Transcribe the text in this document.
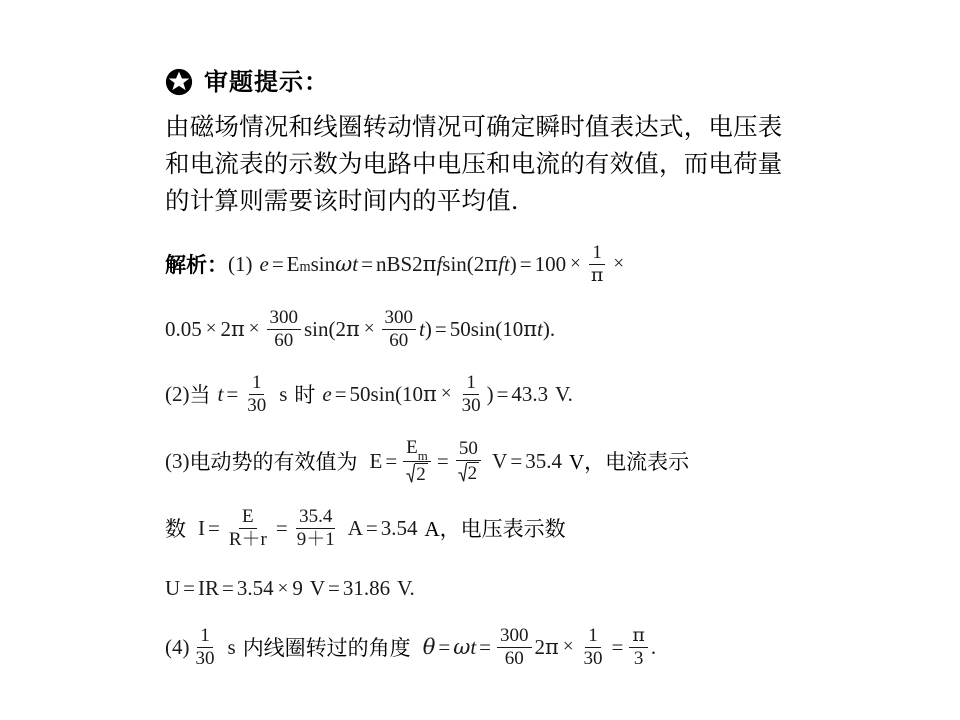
审题提示：
由磁场情况和线圈转动情况可确定瞬时值表达式，电压表
和电流表的示数为电路中电压和电流的有效值，而电荷量
的计算则需要该时间内的平均值.
解析： (1) e = E m sin ω t = nBS2 π f sin (2 π f t ) = $100 \times \frac{1}{\pi}$ ×
0.05 × 2 $\pi \times \frac{300}{60} \sin(2$ $\pi \times \frac{300}{60}$ t ) = 50sin(10 π t ).
(2) 当 $t = \frac{1}{30}$ s 时 e = 50sin(10 $\pi \times \frac{1}{30}$ ) = 43.3 V.
(3) 电动势的有效值为 $E = \frac{E_m}{2} = \frac{50}{2}$ V = 35.4 V， 电流表示
数 $I = \frac{E}{R+r} = \frac{35.4}{9+1}$ A = 3.54 A， 电压表示数
U = IR = 3.54 × 9 V = 31.86 V.
$(4) \frac{1}{30}$ s 内线圈转过的角度 θ = ω $t = \frac{300}{60} 2$ $\pi \times \frac{1}{30} = \frac{\pi}{3}$ .
